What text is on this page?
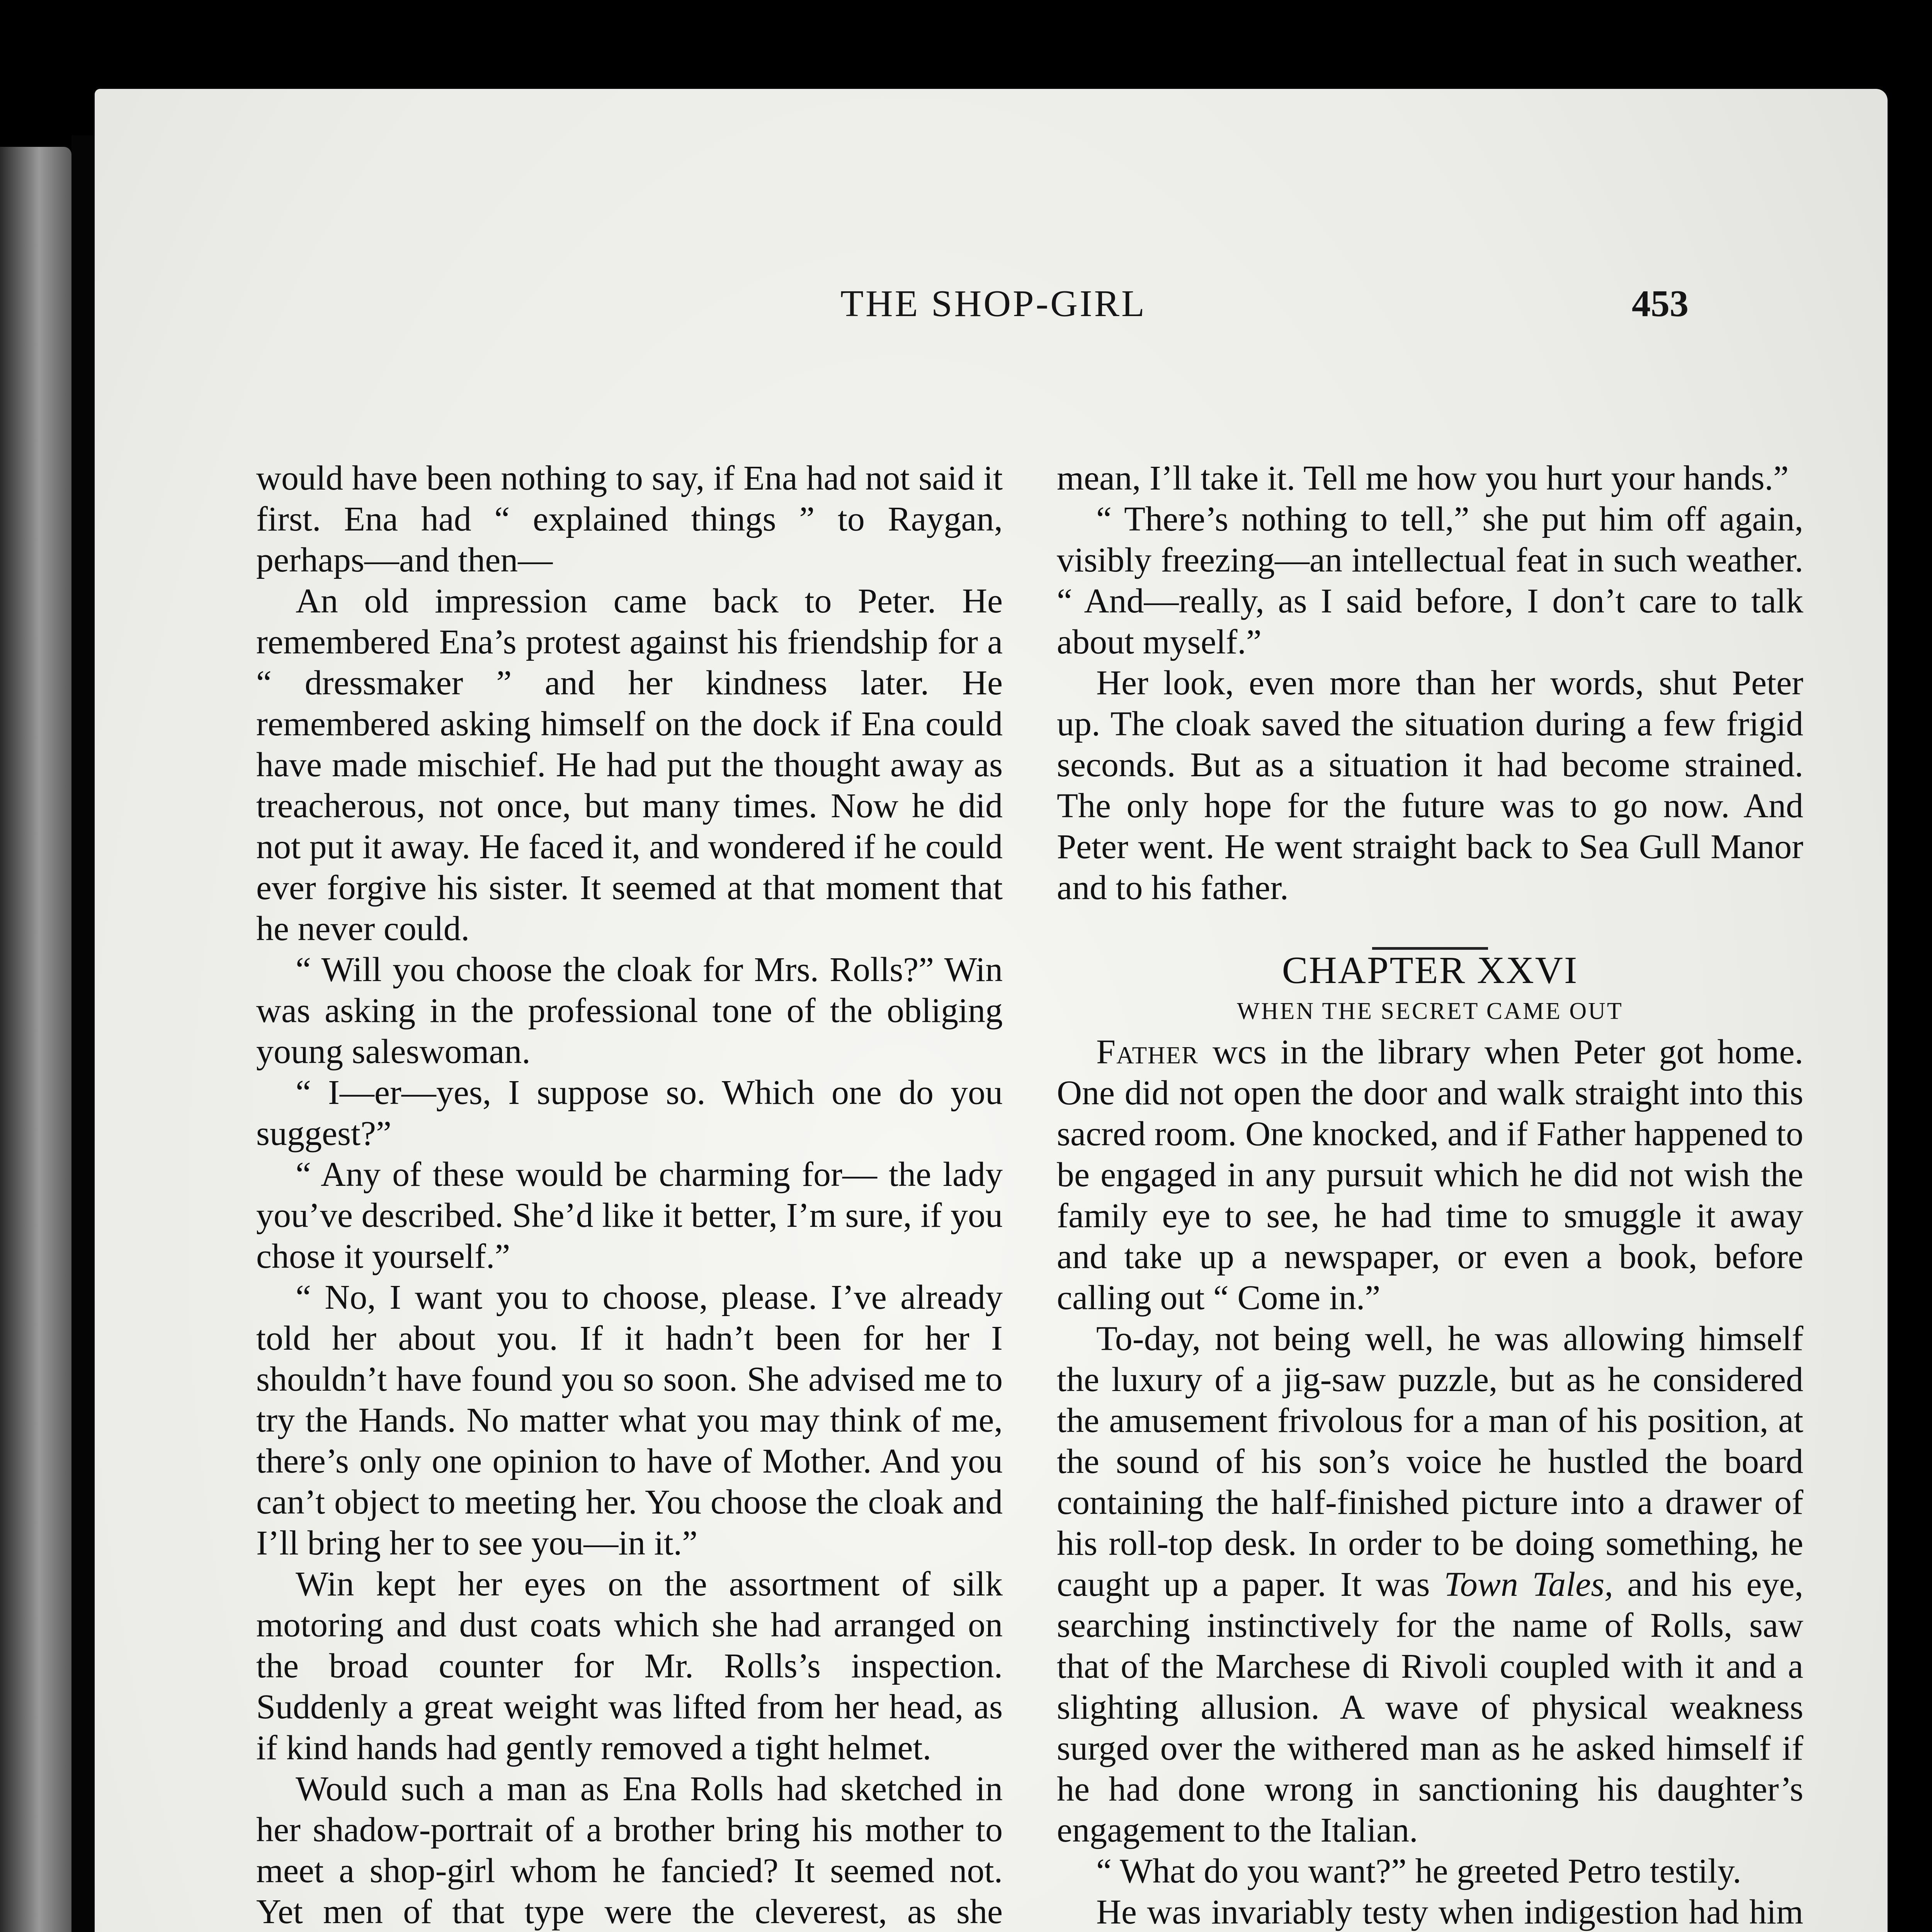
THE SHOP-GIRL	453

would have been nothing to say, if Ena had not said it first. Ena had “ explained things ” to Raygan, perhaps—and then—

An old impression came back to Peter. He remembered Ena’s protest against his friendship for a “ dressmaker ” and her kindness later. He remembered asking himself on the dock if Ena could have made mischief. He had put the thought away as treacherous, not once, but many times. Now he did not put it away. He faced it, and wondered if he could ever forgive his sister. It seemed at that moment that he never could.

“ Will you choose the cloak for Mrs. Rolls?” Win was asking in the professional tone of the obliging young saleswoman.

“ I—er—yes, I suppose so. Which one do you suggest?”

“ Any of these would be charming for— the lady you’ve described. She’d like it better, I’m sure, if you chose it yourself.”

“ No, I want you to choose, please. I’ve already told her about you. If it hadn’t been for her I shouldn’t have found you so soon. She advised me to try the Hands. No matter what you may think of me, there’s only one opinion to have of Mother. And you can’t object to meeting her. You choose the cloak and I’ll bring her to see you—in it.”

Win kept her eyes on the assortment of silk motoring and dust coats which she had arranged on the broad counter for Mr. Rolls’s inspection. Suddenly a great weight was lifted from her head, as if kind hands had gently removed a tight helmet.

Would such a man as Ena Rolls had sketched in her shadow-portrait of a brother bring his mother to meet a shop-girl whom he fancied? It seemed not. Yet men of that type were the cleverest, as she

mean, I’ll take it. Tell me how you hurt your hands.”

“ There’s nothing to tell,” she put him off again, visibly freezing—an intellectual feat in such weather. “ And—really, as I said before, I don’t care to talk about myself.”

Her look, even more than her words, shut Peter up. The cloak saved the situation during a few frigid seconds. But as a situation it had become strained. The only hope for the future was to go now. And Peter went. He went straight back to Sea Gull Manor and to his father.

CHAPTER XXVI

WHEN THE SECRET CAME OUT

Father wcs in the library when Peter got home. One did not open the door and walk straight into this sacred room. One knocked, and if Father happened to be engaged in any pursuit which he did not wish the family eye to see, he had time to smuggle it away and take up a newspaper, or even a book, before calling out “ Come in.”

To-day, not being well, he was allowing himself the luxury of a jig-saw puzzle, but as he considered the amusement frivolous for a man of his position, at the sound of his son’s voice he hustled the board containing the half-finished picture into a drawer of his roll-top desk. In order to be doing something, he caught up a paper. It was Town Tales, and his eye, searching instinctively for the name of Rolls, saw that of the Marchese di Rivoli coupled with it and a slighting allusion. A wave of physical weakness surged over the withered man as he asked himself if he had done wrong in sanctioning his daughter’s engagement to the Italian.

“ What do you want?” he greeted Petro testily.

He was invariably testy when indigestion had him
